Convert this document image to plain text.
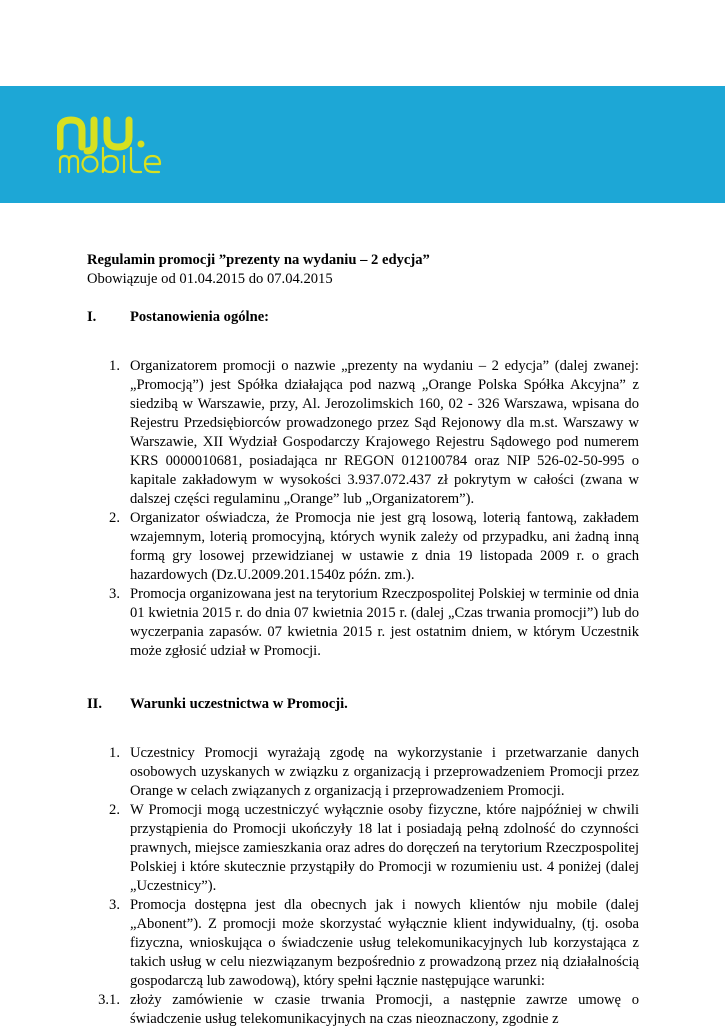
Regulamin promocji ”prezenty na wydaniu – 2 edycja”
Obowiązuje od 01.04.2015 do 07.04.2015
I.	Postanowienia ogólne:
1. Organizatorem promocji o nazwie „prezenty na wydaniu – 2 edycja” (dalej zwanej: „Promocją”) jest Spółka działająca pod nazwą „Orange Polska Spółka Akcyjna” z siedzibą w Warszawie, przy, Al. Jerozolimskich 160, 02 - 326 Warszawa, wpisana do Rejestru Przedsiębiorców prowadzonego przez Sąd Rejonowy dla m.st. Warszawy w Warszawie, XII Wydział Gospodarczy Krajowego Rejestru Sądowego pod numerem KRS 0000010681, posiadająca nr REGON 012100784 oraz NIP 526-02-50-995 o kapitale zakładowym w wysokości 3.937.072.437 zł pokrytym w całości (zwana w dalszej części regulaminu „Orange” lub „Organizatorem”).
2. Organizator oświadcza, że Promocja nie jest grą losową, loterią fantową, zakładem wzajemnym, loterią promocyjną, których wynik zależy od przypadku, ani żadną inną formą gry losowej przewidzianej w ustawie z dnia 19 listopada 2009 r. o grach hazardowych (Dz.U.2009.201.1540z późn. zm.).
3. Promocja organizowana jest na terytorium Rzeczpospolitej Polskiej w terminie od dnia 01 kwietnia 2015 r. do dnia 07 kwietnia 2015 r. (dalej „Czas trwania promocji”) lub do wyczerpania zapasów. 07 kwietnia 2015 r. jest ostatnim dniem, w którym Uczestnik może zgłosić udział w Promocji.
II.	Warunki uczestnictwa w Promocji.
1. Uczestnicy Promocji wyrażają zgodę na wykorzystanie i przetwarzanie danych osobowych uzyskanych w związku z organizacją i przeprowadzeniem Promocji przez Orange w celach związanych z organizacją i przeprowadzeniem Promocji.
2. W Promocji mogą uczestniczyć wyłącznie osoby fizyczne, które najpóźniej w chwili przystąpienia do Promocji ukończyły 18 lat i posiadają pełną zdolność do czynności prawnych, miejsce zamieszkania oraz adres do doręczeń na terytorium Rzeczpospolitej Polskiej i które skutecznie przystąpiły do Promocji w rozumieniu ust. 4 poniżej (dalej „Uczestnicy”).
3. Promocja dostępna jest dla obecnych jak i nowych klientów nju mobile (dalej „Abonent”). Z promocji może skorzystać wyłącznie klient indywidualny, (tj. osoba fizyczna, wnioskująca o świadczenie usług telekomunikacyjnych lub korzystająca z takich usług w celu niezwiązanym bezpośrednio z prowadzoną przez nią działalnością gospodarczą lub zawodową), który spełni łącznie następujące warunki:
3.1. złoży zamówienie w czasie trwania Promocji, a następnie zawrze umowę o świadczenie usług telekomunikacyjnych na czas nieoznaczony, zgodnie z
